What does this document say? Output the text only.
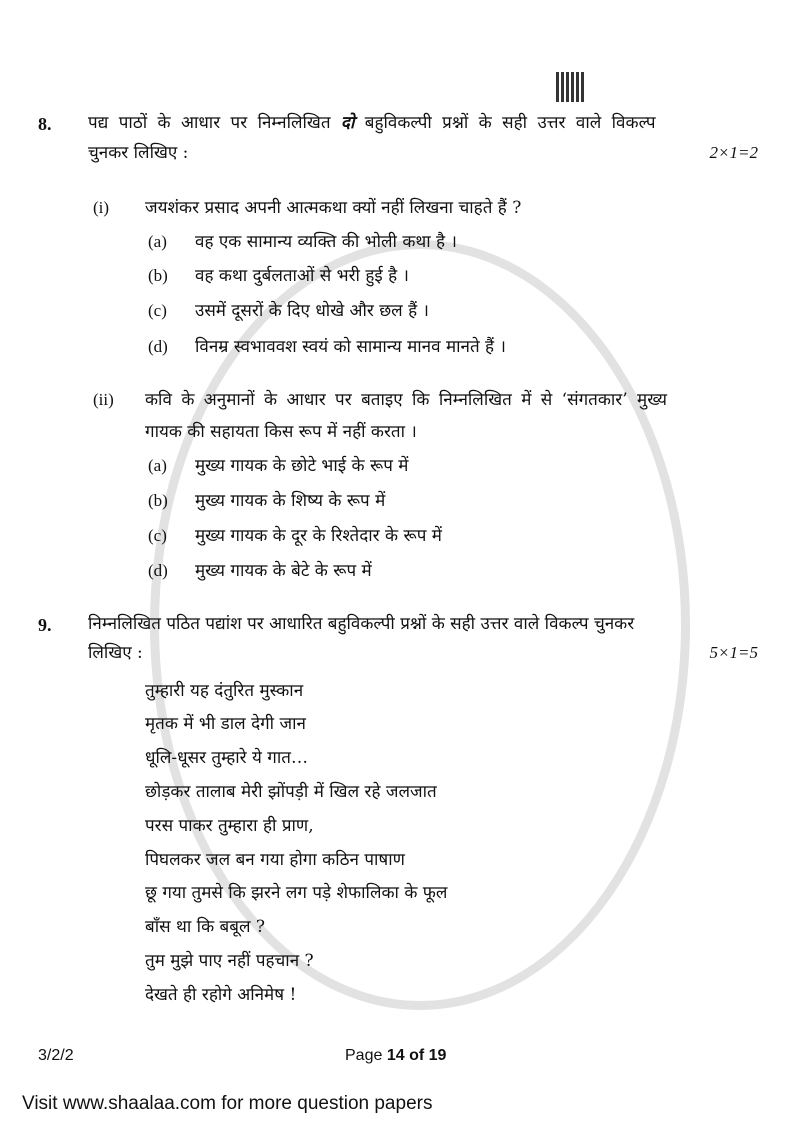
8. पद्य पाठों के आधार पर निम्नलिखित दो बहुविकल्पी प्रश्नों के सही उत्तर वाले विकल्प
चुनकर लिखिए :	2×1=2
(i) जयशंकर प्रसाद अपनी आत्मकथा क्यों नहीं लिखना चाहते हैं ?
(a) वह एक सामान्य व्यक्ति की भोली कथा है ।
(b) वह कथा दुर्बलताओं से भरी हुई है ।
(c) उसमें दूसरों के दिए धोखे और छल हैं ।
(d) विनम्र स्वभाववश स्वयं को सामान्य मानव मानते हैं ।
(ii) कवि के अनुमानों के आधार पर बताइए कि निम्नलिखित में से ‘संगतकार’ मुख्य
गायक की सहायता किस रूप में नहीं करता ।
(a) मुख्य गायक के छोटे भाई के रूप में
(b) मुख्य गायक के शिष्य के रूप में
(c) मुख्य गायक के दूर के रिश्तेदार के रूप में
(d) मुख्य गायक के बेटे के रूप में
9. निम्नलिखित पठित पद्यांश पर आधारित बहुविकल्पी प्रश्नों के सही उत्तर वाले विकल्प चुनकर
लिखिए :	5×1=5
तुम्हारी यह दंतुरित मुस्कान
मृतक में भी डाल देगी जान
धूलि-धूसर तुम्हारे ये गात…
छोड़कर तालाब मेरी झोंपड़ी में खिल रहे जलजात
परस पाकर तुम्हारा ही प्राण,
पिघलकर जल बन गया होगा कठिन पाषाण
छू गया तुमसे कि झरने लग पड़े शेफालिका के फूल
बाँस था कि बबूल ?
तुम मुझे पाए नहीं पहचान ?
देखते ही रहोगे अनिमेष !
3/2/2	Page 14 of 19
Visit www.shaalaa.com for more question papers
